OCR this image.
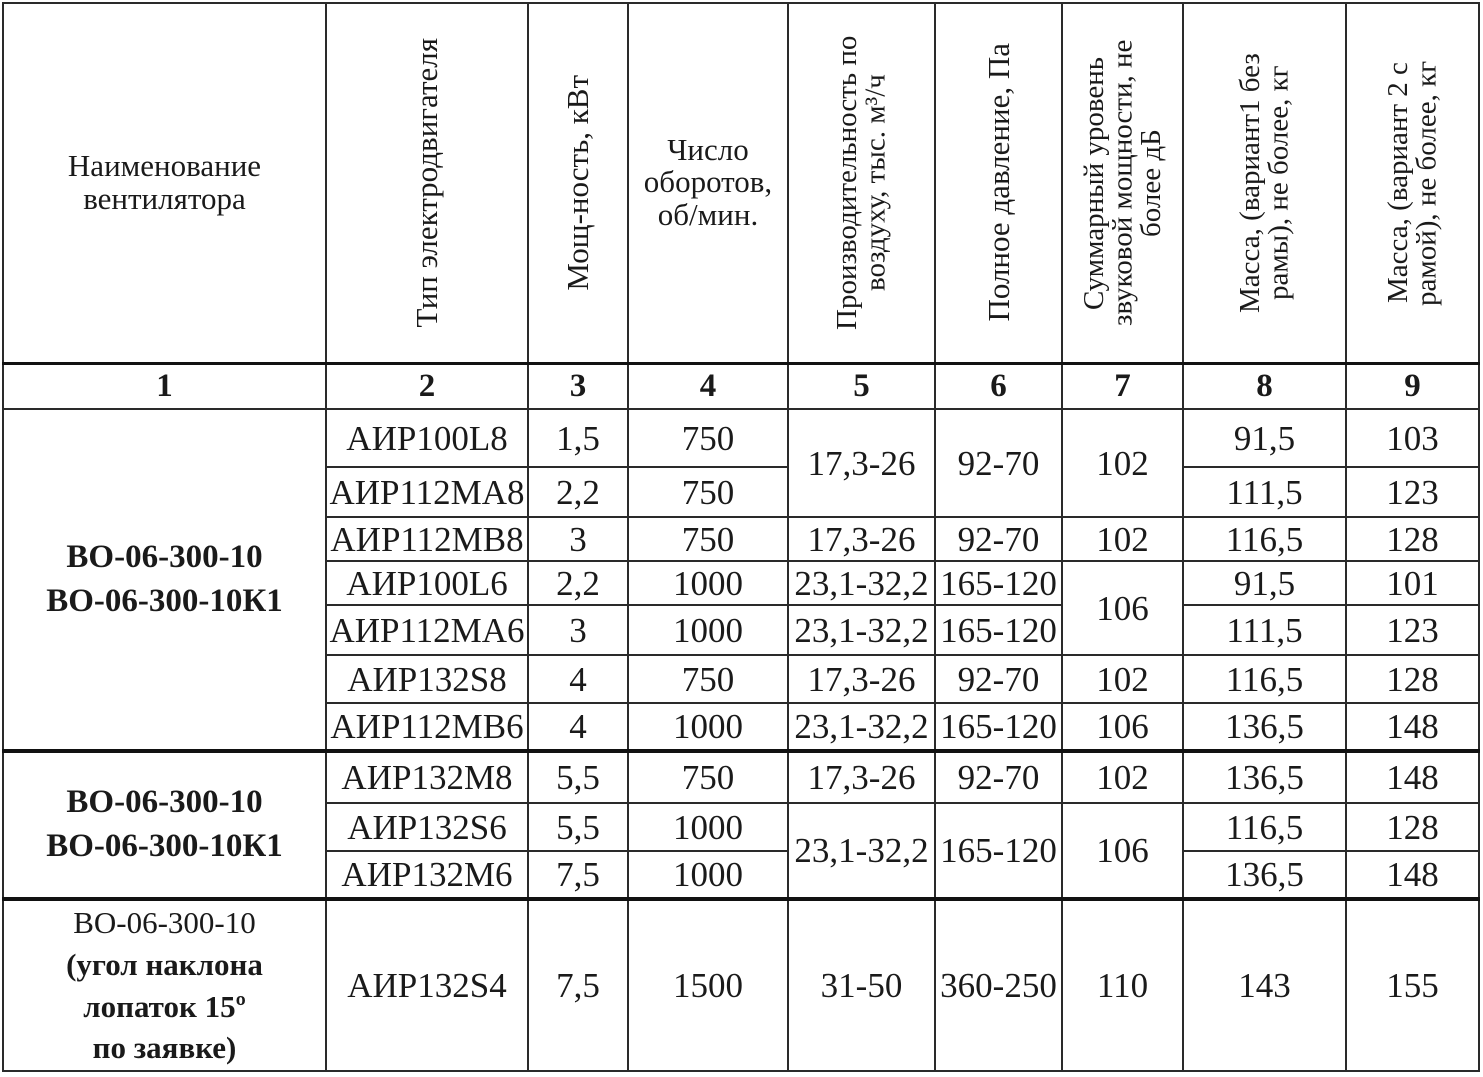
Наименование вентилятора	Тип электродвигателя	Мощ-ность, кВт	Число оборотов, об/мин.	Производительность по воздуху, тыс. м³/ч	Полное давление, Па	Суммарный уровень звуковой мощности, не более дБ	Масса, (вариант1 без рамы), не более, кг	Масса, (вариант 2 с рамой), не более, кг

1	2	3	4	5	6	7	8	9

ВО-06-300-10
ВО-06-300-10К1	АИР100L8	1,5	750	17,3-26	92-70	102	91,5	103
	АИР112МА8	2,2	750				111,5	123
	АИР112МВ8	3	750	17,3-26	92-70	102	116,5	128
	АИР100L6	2,2	1000	23,1-32,2	165-120	106	91,5	101
	АИР112МА6	3	1000	23,1-32,2	165-120		111,5	123
	АИР132S8	4	750	17,3-26	92-70	102	116,5	128
	АИР112МВ6	4	1000	23,1-32,2	165-120	106	136,5	148

ВО-06-300-10
ВО-06-300-10К1	АИР132М8	5,5	750	17,3-26	92-70	102	136,5	148
	АИР132S6	5,5	1000	23,1-32,2	165-120	106	116,5	128
	АИР132М6	7,5	1000				136,5	148

ВО-06-300-10
(угол наклона
лопаток 15º
по заявке)	АИР132S4	7,5	1500	31-50	360-250	110	143	155
